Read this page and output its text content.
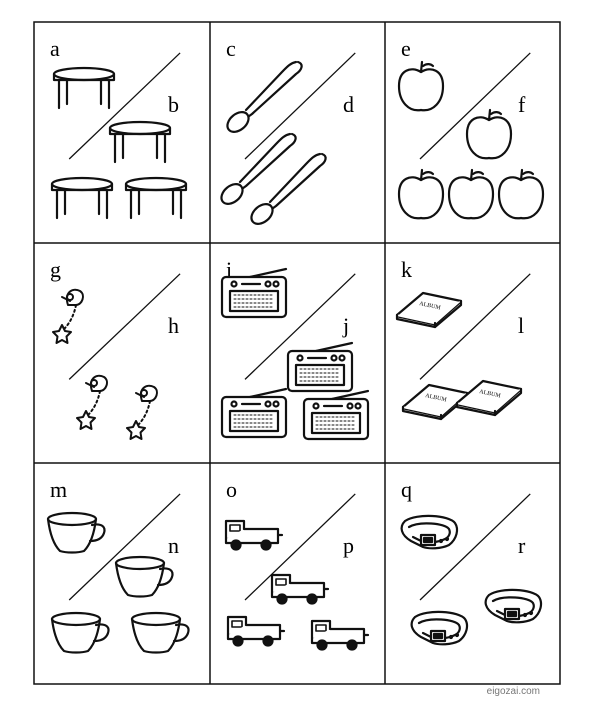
a
b
c
d
e
f
g
h
i
j
k
l
ALBUM
ALBUM	ALBUM
m
n
o
p
q
r
eigozai.com
